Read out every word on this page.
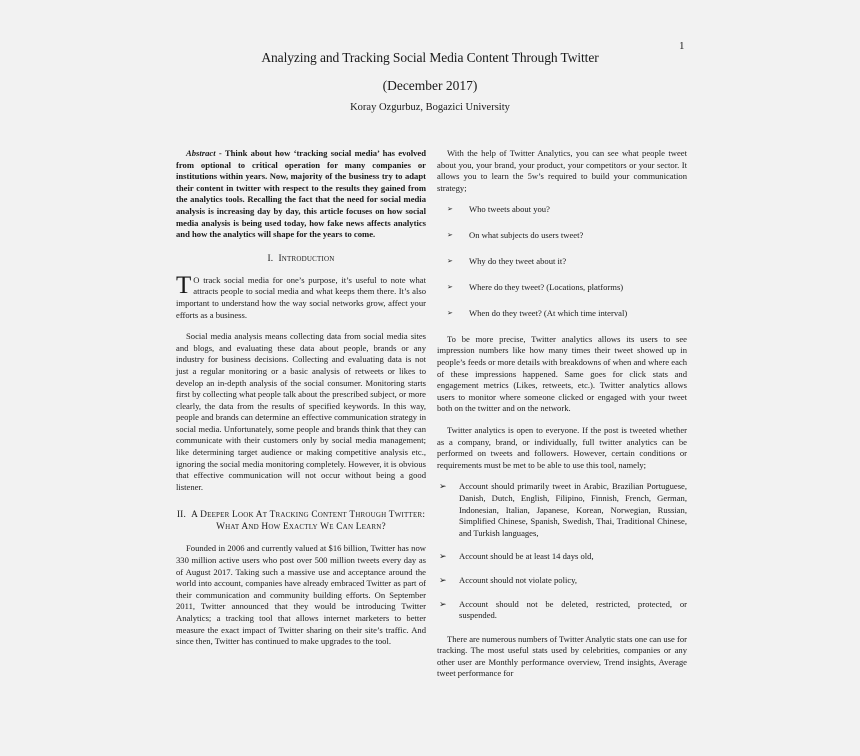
1
Analyzing and Tracking Social Media Content Through Twitter
(December 2017)
Koray Ozgurbuz, Bogazici University

Abstract - Think about how ‘tracking social media’ has evolved from optional to critical operation for many companies or institutions within years. Now, majority of the business try to adapt their content in twitter with respect to the results they gained from the analytics tools. Recalling the fact that the need for social media analysis is increasing day by day, this article focuses on how social media analysis is being used today, how fake news affects analytics and how the analytics will shape for the years to come.

I. Introduction

T O track social media for one’s purpose, it’s useful to note what attracts people to social media and what keeps them there. It’s also important to understand how the way social networks grow, affect your efforts as a business.

Social media analysis means collecting data from social media sites and blogs, and evaluating these data about people, brands or any industry for business decisions. Collecting and evaluating data is not just a regular monitoring or a basic analysis of retweets or likes to develop an in-depth analysis of the social consumer. Monitoring starts first by collecting what people talk about the prescribed subject, or more clearly, the data from the results of specified keywords. In this way, people and brands can determine an effective communication strategy in social media. Unfortunately, some people and brands think that they can communicate with their customers only by social media management; like determining target audience or making competitive analysis etc., ignoring the social media monitoring completely. However, it is obvious that effective communication will not occur without being a good listener.

II. A Deeper Look At Tracking Content Through Twitter: What And How Exactly We Can Learn?

Founded in 2006 and currently valued at $16 billion, Twitter has now 330 million active users who post over 500 million tweets every day as of August 2017. Taking such a massive use and acceptance around the world into account, companies have already embraced Twitter as part of their communication and community building efforts. On September 2011, Twitter announced that they would be introducing Twitter Analytics; a tracking tool that allows internet marketers to better measure the exact impact of Twitter sharing on their site’s traffic. And since then, Twitter has continued to make upgrades to the tool.

With the help of Twitter Analytics, you can see what people tweet about you, your brand, your product, your competitors or your sector. It allows you to learn the 5w’s required to build your communication strategy;

➢ Who tweets about you?
➢ On what subjects do users tweet?
➢ Why do they tweet about it?
➢ Where do they tweet? (Locations, platforms)
➢ When do they tweet? (At which time interval)

To be more precise, Twitter analytics allows its users to see impression numbers like how many times their tweet showed up in people’s feeds or more details with breakdowns of when and where each of these impressions happened. Same goes for click stats and engagement metrics (Likes, retweets, etc.). Twitter analytics allows users to monitor where someone clicked or engaged with your tweet both on the twitter and on the network.

Twitter analytics is open to everyone. If the post is tweeted whether as a company, brand, or individually, full twitter analytics can be performed on tweets and followers. However, certain conditions or requirements must be met to be able to use this tool, namely;

➢ Account should primarily tweet in Arabic, Brazilian Portuguese, Danish, Dutch, English, Filipino, Finnish, French, German, Indonesian, Italian, Japanese, Korean, Norwegian, Russian, Simplified Chinese, Spanish, Swedish, Thai, Traditional Chinese, and Turkish languages,
➢ Account should be at least 14 days old,
➢ Account should not violate policy,
➢ Account should not be deleted, restricted, protected, or suspended.

There are numerous numbers of Twitter Analytic stats one can use for tracking. The most useful stats used by celebrities, companies or any other user are Monthly performance overview, Trend insights, Average tweet performance for
